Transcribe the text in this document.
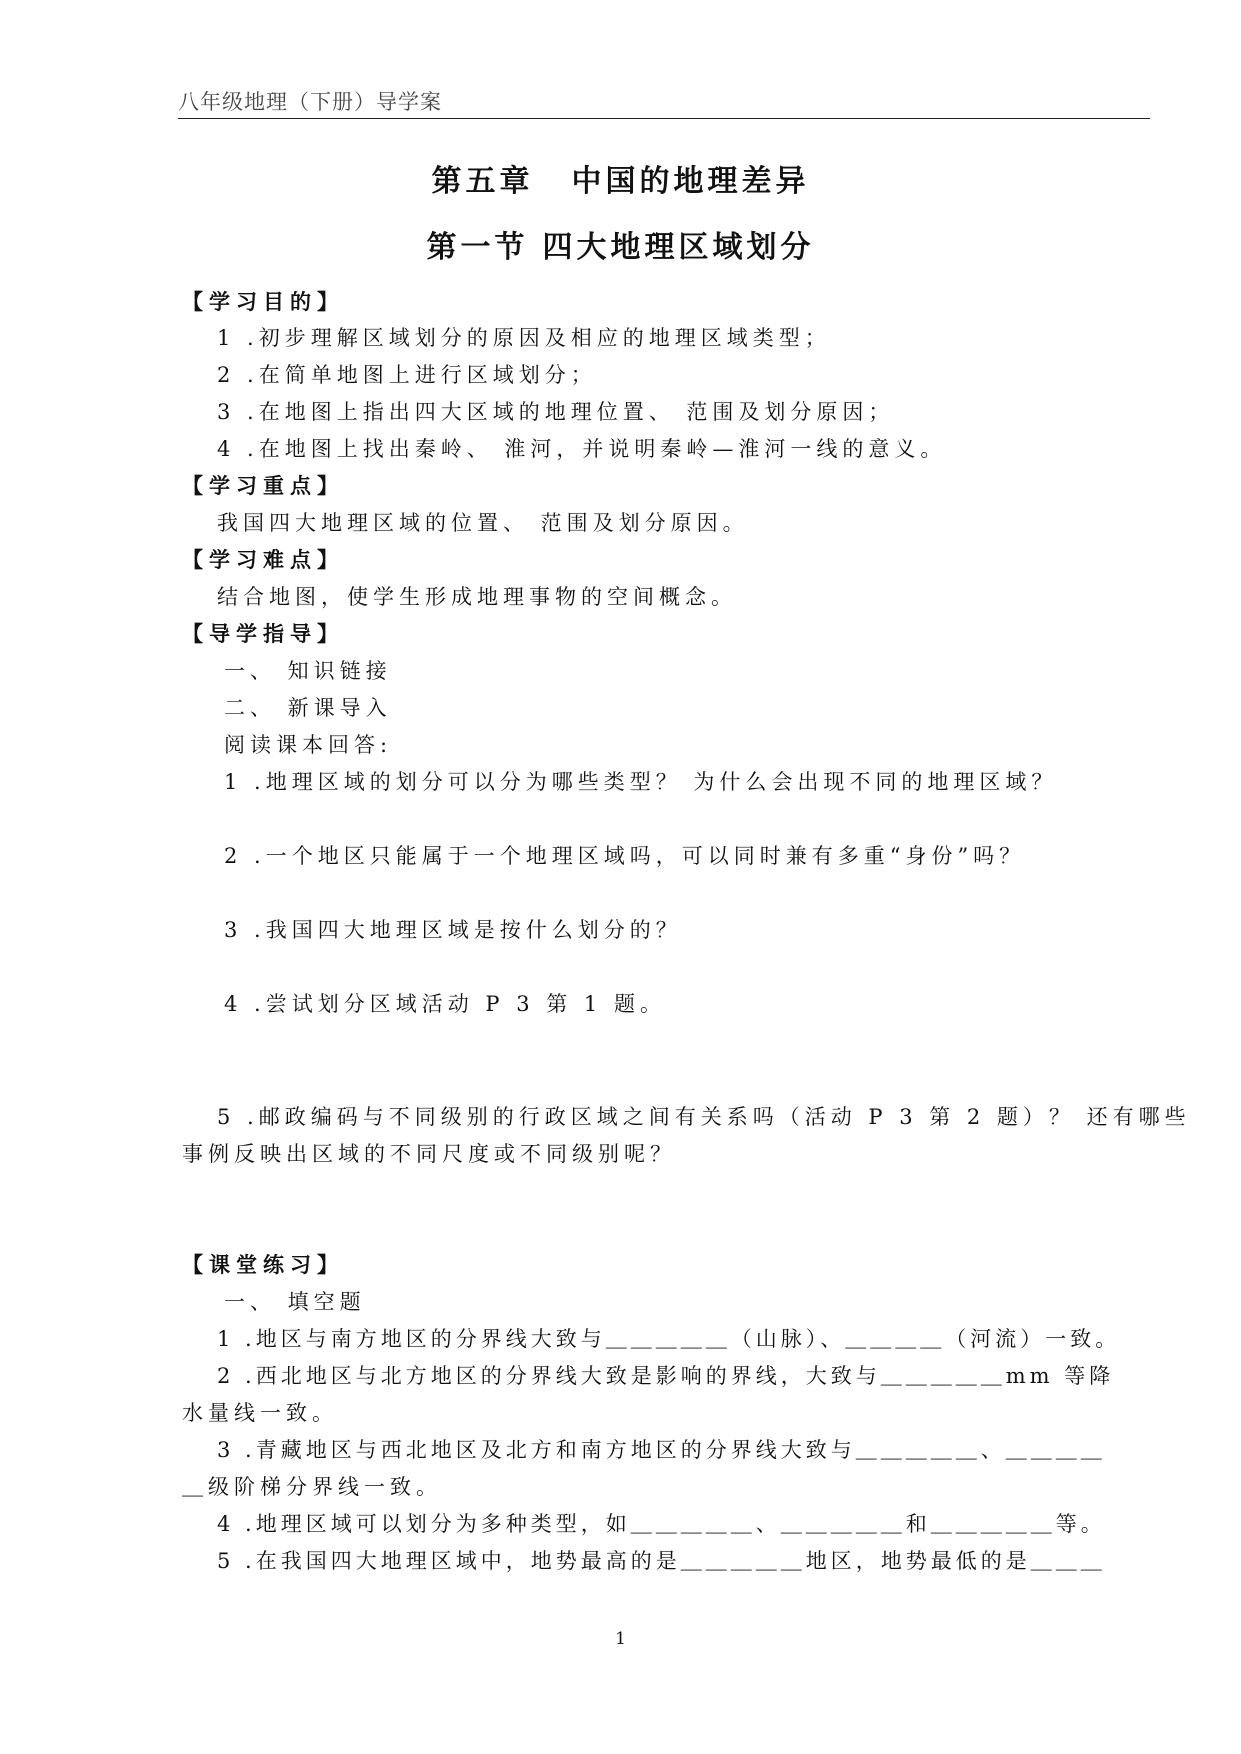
八年级地理（下册）导学案
第五章 中国的地理差异
第一节 四大地理区域划分
【学习目的】
1 .初步理解区域划分的原因及相应的地理区域类型；
2 .在简单地图上进行区域划分；
3 .在地图上指出四大区域的地理位置、 范围及划分原因；
4 .在地图上找出秦岭、 淮河，并说明秦岭—淮河一线的意义。
【学习重点】
我国四大地理区域的位置、 范围及划分原因。
【学习难点】
结合地图，使学生形成地理事物的空间概念。
【导学指导】
一、 知识链接
二、 新课导入
阅读课本回答:
1 .地理区域的划分可以分为哪些类型？ 为什么会出现不同的地理区域？
2 .一个地区只能属于一个地理区域吗，可以同时兼有多重“身份”吗？
3 .我国四大地理区域是按什么划分的？
4 .尝试划分区域活动 P 3 第 1 题。
5 .邮政编码与不同级别的行政区域之间有关系吗（活动 P 3 第 2 题）？ 还有哪些
事例反映出区域的不同尺度或不同级别呢？
【课堂练习】
一、 填空题
1 .地区与南方地区的分界线大致与＿＿＿＿＿（山脉）、＿＿＿＿（河流）一致。
2 .西北地区与北方地区的分界线大致是影响的界线，大致与＿＿＿＿＿mm 等降
水量线一致。
3 .青藏地区与西北地区及北方和南方地区的分界线大致与＿＿＿＿＿、＿＿＿＿
＿级阶梯分界线一致。
4 .地理区域可以划分为多种类型，如＿＿＿＿＿、＿＿＿＿＿和＿＿＿＿＿等。
5 .在我国四大地理区域中，地势最高的是＿＿＿＿＿地区，地势最低的是＿＿＿
1
